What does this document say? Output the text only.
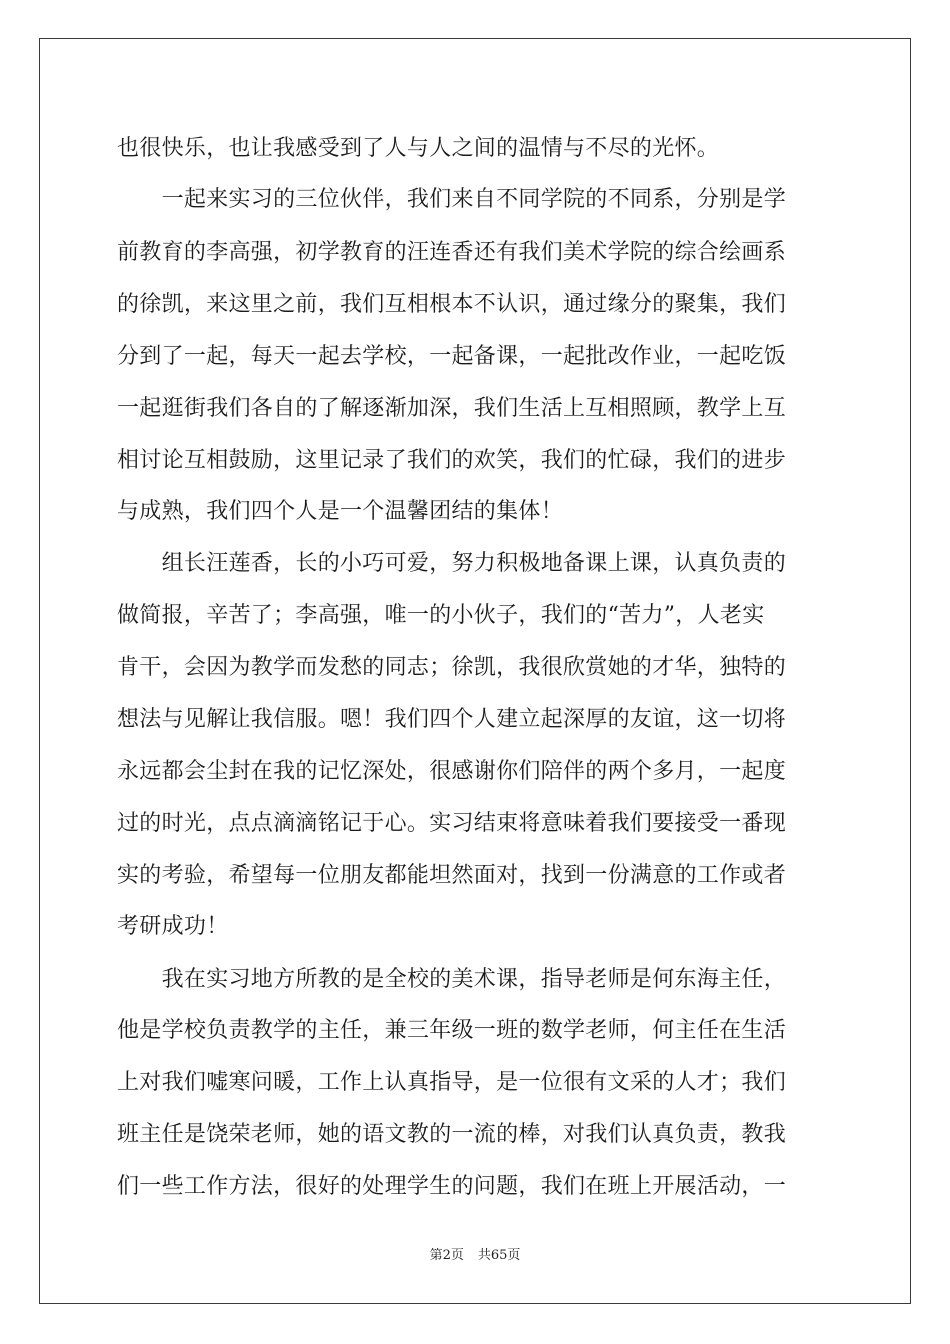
也很快乐，也让我感受到了人与人之间的温情与不尽的光怀。
　　一起来实习的三位伙伴，我们来自不同学院的不同系，分别是学
前教育的李高强，初学教育的汪连香还有我们美术学院的综合绘画系
的徐凯，来这里之前，我们互相根本不认识，通过缘分的聚集，我们
分到了一起，每天一起去学校，一起备课，一起批改作业，一起吃饭
一起逛街我们各自的了解逐渐加深，我们生活上互相照顾，教学上互
相讨论互相鼓励，这里记录了我们的欢笑，我们的忙碌，我们的进步
与成熟，我们四个人是一个温馨团结的集体！
　　组长汪莲香，长的小巧可爱，努力积极地备课上课，认真负责的
做简报，辛苦了；李高强，唯一的小伙子，我们的“苦力”，人老实
肯干，会因为教学而发愁的同志；徐凯，我很欣赏她的才华，独特的
想法与见解让我信服。嗯！我们四个人建立起深厚的友谊，这一切将
永远都会尘封在我的记忆深处，很感谢你们陪伴的两个多月，一起度
过的时光，点点滴滴铭记于心。实习结束将意味着我们要接受一番现
实的考验，希望每一位朋友都能坦然面对，找到一份满意的工作或者
考研成功！
　　我在实习地方所教的是全校的美术课，指导老师是何东海主任，
他是学校负责教学的主任，兼三年级一班的数学老师，何主任在生活
上对我们嘘寒问暖，工作上认真指导，是一位很有文采的人才；我们
班主任是饶荣老师，她的语文教的一流的棒，对我们认真负责，教我
们一些工作方法，很好的处理学生的问题，我们在班上开展活动，一
第2页 共65页
